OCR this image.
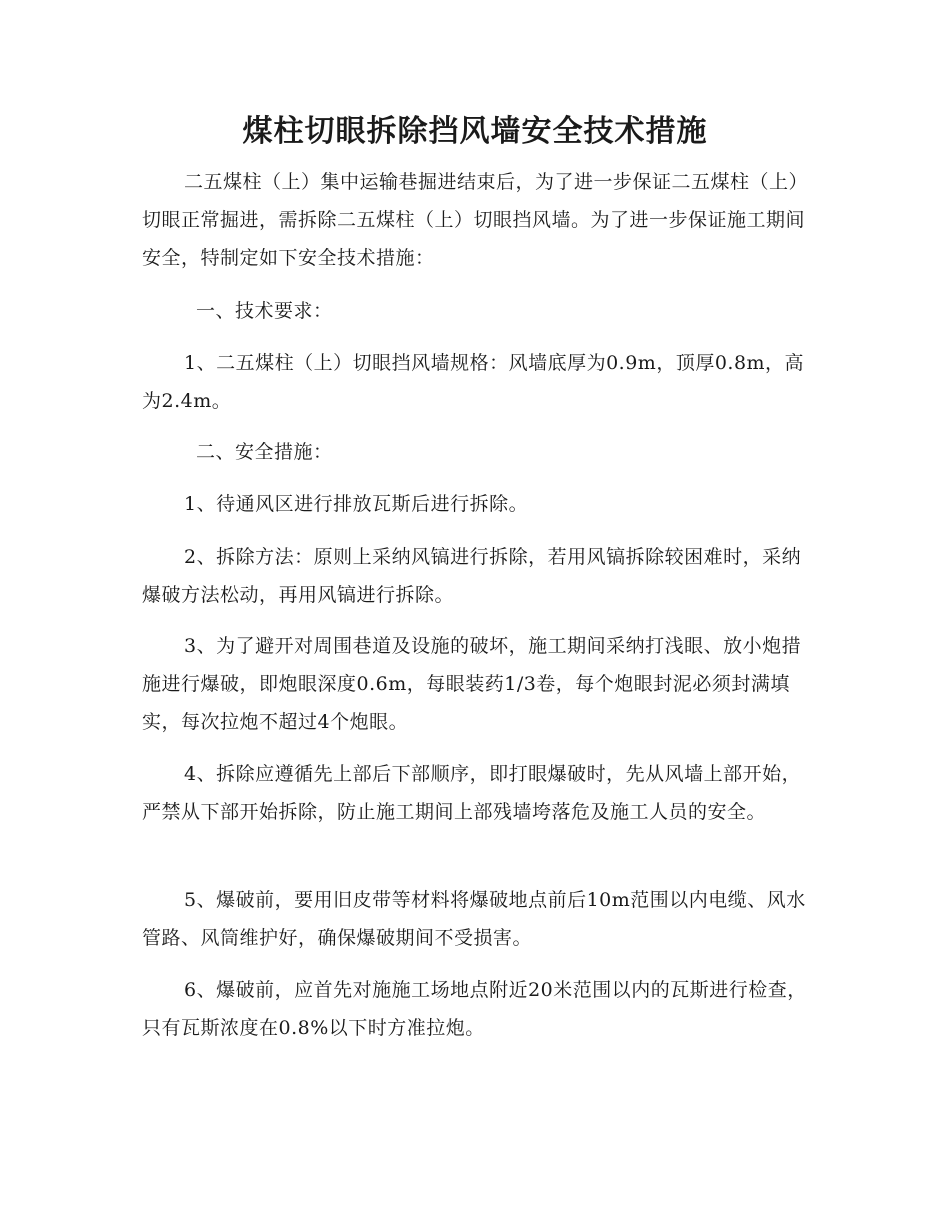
煤柱切眼拆除挡风墙安全技术措施

二五煤柱（上）集中运输巷掘进结束后，为了进一步保证二五煤柱（上）切眼正常掘进，需拆除二五煤柱（上）切眼挡风墙。为了进一步保证施工期间安全，特制定如下安全技术措施：

一、技术要求：

1、二五煤柱（上）切眼挡风墙规格：风墙底厚为0.9m，顶厚0.8m，高为2.4m。

二、安全措施：

1、待通风区进行排放瓦斯后进行拆除。

2、拆除方法：原则上采纳风镐进行拆除，若用风镐拆除较困难时，采纳爆破方法松动，再用风镐进行拆除。

3、为了避开对周围巷道及设施的破坏，施工期间采纳打浅眼、放小炮措施进行爆破，即炮眼深度0.6m，每眼装药1/3卷，每个炮眼封泥必须封满填实，每次拉炮不超过4个炮眼。

4、拆除应遵循先上部后下部顺序，即打眼爆破时，先从风墙上部开始，严禁从下部开始拆除，防止施工期间上部残墙垮落危及施工人员的安全。

5、爆破前，要用旧皮带等材料将爆破地点前后10m范围以内电缆、风水管路、风筒维护好，确保爆破期间不受损害。

6、爆破前，应首先对施施工场地点附近20米范围以内的瓦斯进行检查，只有瓦斯浓度在0.8%以下时方准拉炮。
